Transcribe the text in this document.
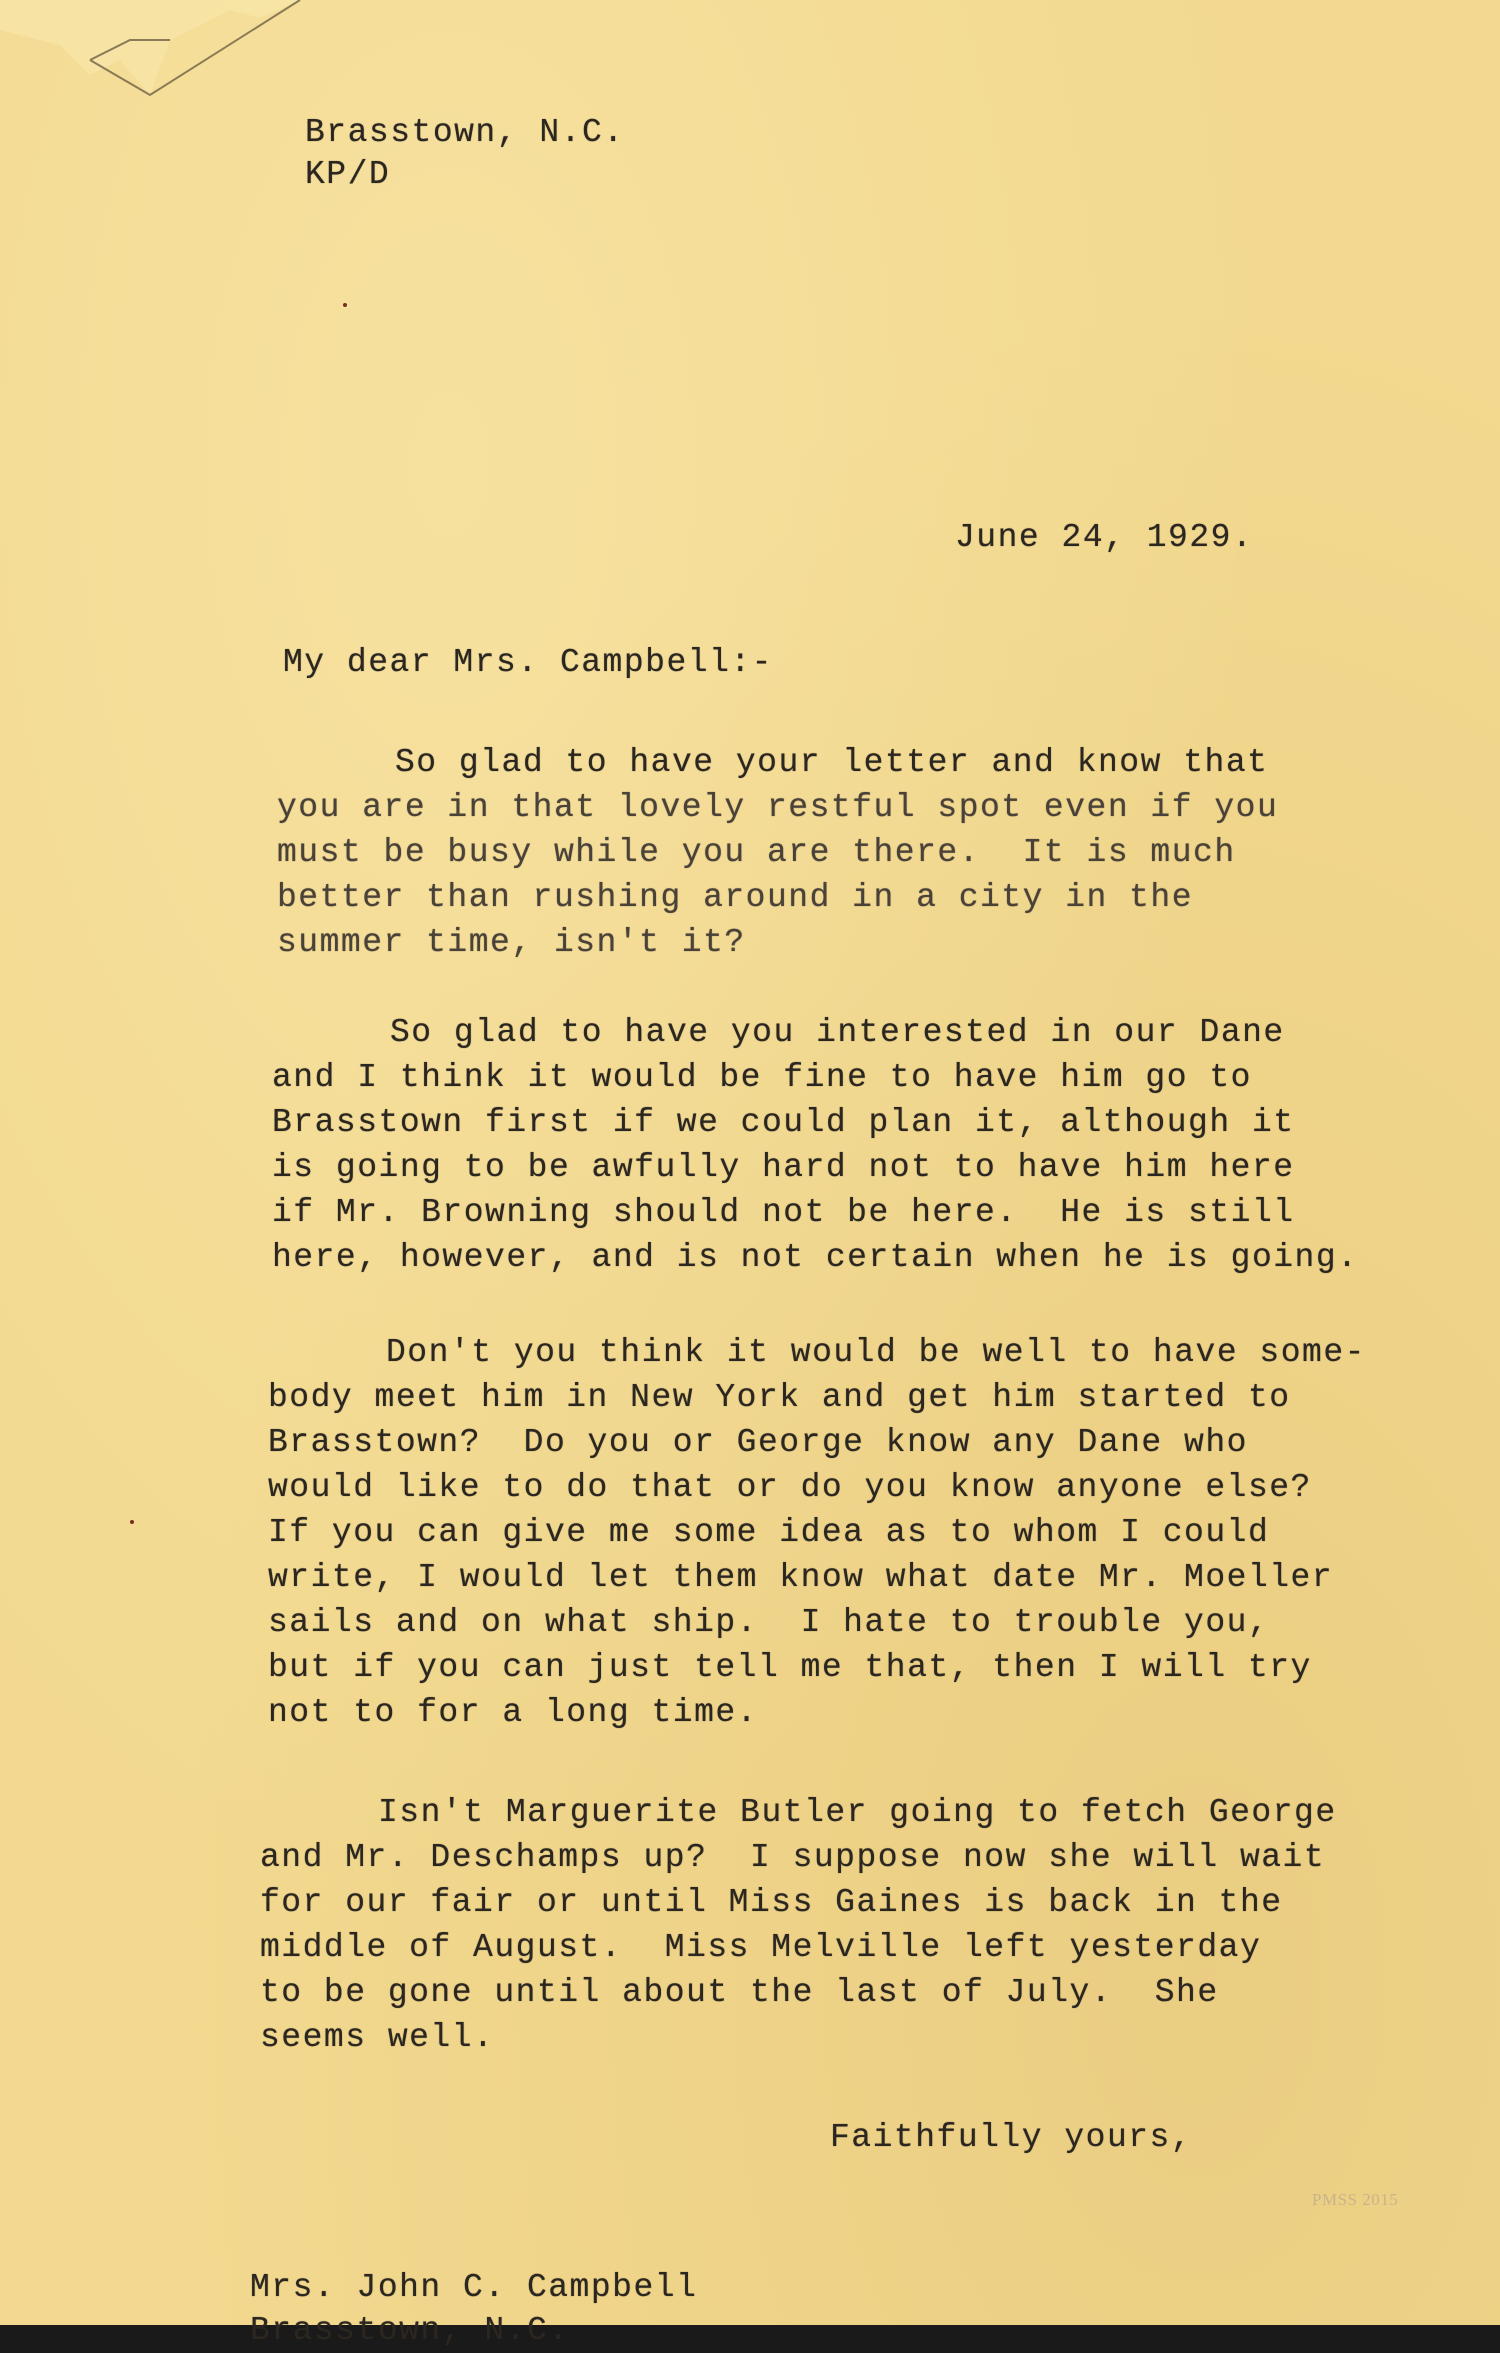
Brasstown, N.C.
KP/D
June 24, 1929.
My dear Mrs. Campbell:-
So glad to have your letter and know that
you are in that lovely restful spot even if you
must be busy while you are there.  It is much
better than rushing around in a city in the
summer time, isn't it?
So glad to have you interested in our Dane
and I think it would be fine to have him go to
Brasstown first if we could plan it, although it
is going to be awfully hard not to have him here
if Mr. Browning should not be here.  He is still
here, however, and is not certain when he is going.
Don't you think it would be well to have some-
body meet him in New York and get him started to
Brasstown?  Do you or George know any Dane who
would like to do that or do you know anyone else?
If you can give me some idea as to whom I could
write, I would let them know what date Mr. Moeller
sails and on what ship.  I hate to trouble you,
but if you can just tell me that, then I will try
not to for a long time.
Isn't Marguerite Butler going to fetch George
and Mr. Deschamps up?  I suppose now she will wait
for our fair or until Miss Gaines is back in the
middle of August.  Miss Melville left yesterday
to be gone until about the last of July.  She
seems well.
Faithfully yours,
PMSS 2015
Mrs. John C. Campbell
Brasstown, N.C.
